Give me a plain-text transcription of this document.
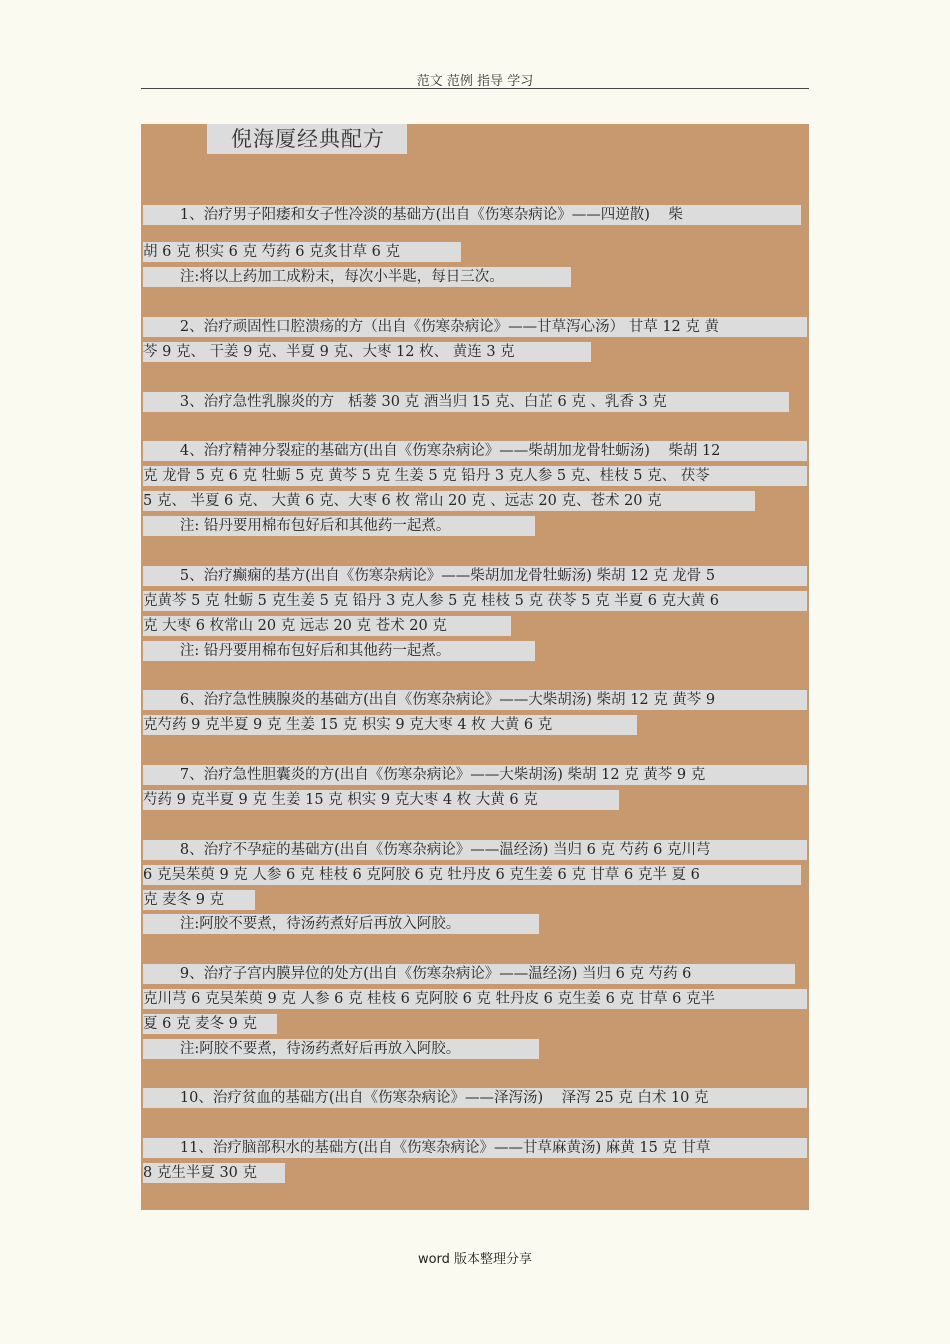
范文 范例 指导 学习
倪海厦经典配方
1、治疗男子阳痿和女子性冷淡的基础方(出自《伤寒杂病论》——四逆散)    柴
胡 6 克 枳实 6 克 芍药 6 克炙甘草 6 克
注:将以上药加工成粉末，每次小半匙，每日三次。
2、治疗顽固性口腔溃疡的方（出自《伤寒杂病论》——甘草泻心汤） 甘草 12 克 黄
芩 9 克、 干姜 9 克、半夏 9 克、大枣 12 枚、 黄连 3 克
3、治疗急性乳腺炎的方   栝蒌 30 克 酒当归 15 克、白芷 6 克 、乳香 3 克
4、治疗精神分裂症的基础方(出自《伤寒杂病论》——柴胡加龙骨牡蛎汤)    柴胡 12
克 龙骨 5 克 6 克 牡蛎 5 克 黄芩 5 克 生姜 5 克 铅丹 3 克人参 5 克、桂枝 5 克、 茯苓
5 克、 半夏 6 克、 大黄 6 克、大枣 6 枚 常山 20 克 、远志 20 克、苍术 20 克
注: 铅丹要用棉布包好后和其他药一起煮。
5、治疗癫痫的基方(出自《伤寒杂病论》——柴胡加龙骨牡蛎汤) 柴胡 12 克 龙骨 5
克黄芩 5 克 牡蛎 5 克生姜 5 克 铅丹 3 克人参 5 克 桂枝 5 克 茯苓 5 克 半夏 6 克大黄 6
克 大枣 6 枚常山 20 克 远志 20 克 苍术 20 克
注: 铅丹要用棉布包好后和其他药一起煮。
6、治疗急性胰腺炎的基础方(出自《伤寒杂病论》——大柴胡汤) 柴胡 12 克 黄芩 9
克芍药 9 克半夏 9 克 生姜 15 克 枳实 9 克大枣 4 枚 大黄 6 克
7、治疗急性胆囊炎的方(出自《伤寒杂病论》——大柴胡汤) 柴胡 12 克 黄芩 9 克
芍药 9 克半夏 9 克 生姜 15 克 枳实 9 克大枣 4 枚 大黄 6 克
8、治疗不孕症的基础方(出自《伤寒杂病论》——温经汤) 当归 6 克 芍药 6 克川芎
6 克吴茱萸 9 克 人参 6 克 桂枝 6 克阿胶 6 克 牡丹皮 6 克生姜 6 克 甘草 6 克半 夏 6
克 麦冬 9 克
注:阿胶不要煮，待汤药煮好后再放入阿胶。
9、治疗子宫内膜异位的处方(出自《伤寒杂病论》——温经汤) 当归 6 克 芍药 6
克川芎 6 克吴茱萸 9 克 人参 6 克 桂枝 6 克阿胶 6 克 牡丹皮 6 克生姜 6 克 甘草 6 克半
夏 6 克 麦冬 9 克
注:阿胶不要煮，待汤药煮好后再放入阿胶。
10、治疗贫血的基础方(出自《伤寒杂病论》——泽泻汤)    泽泻 25 克 白术 10 克
11、治疗脑部积水的基础方(出自《伤寒杂病论》——甘草麻黄汤) 麻黄 15 克 甘草
8 克生半夏 30 克
word 版本整理分享
